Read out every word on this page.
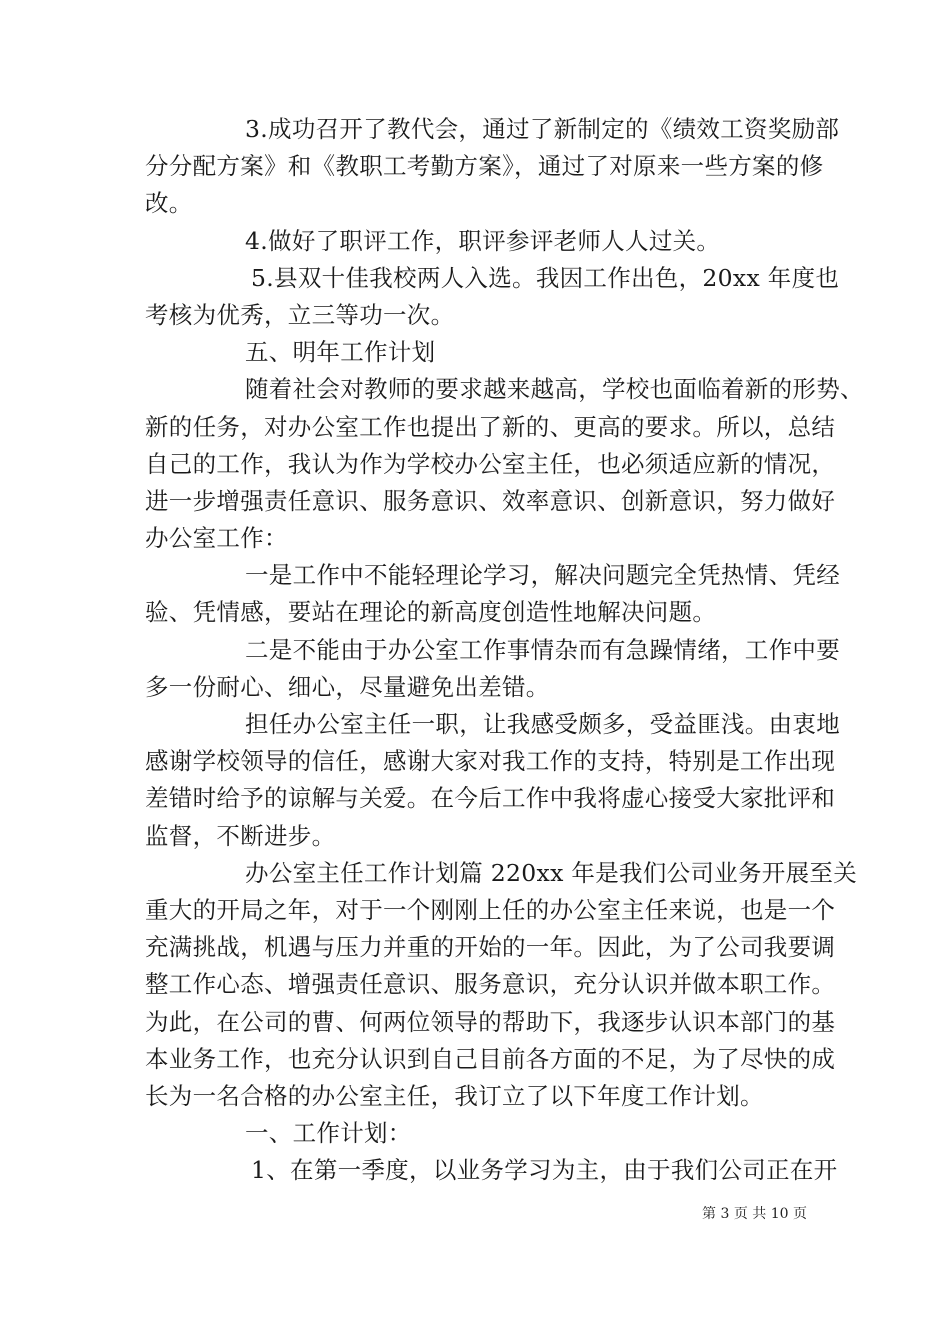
3.成功召开了教代会，通过了新制定的《绩效工资奖励部
分分配方案》和《教职工考勤方案》，通过了对原来一些方案的修
改。
4.做好了职评工作，职评参评老师人人过关。
5.县双十佳我校两人入选。我因工作出色，20xx 年度也
考核为优秀，立三等功一次。
五、明年工作计划
随着社会对教师的要求越来越高，学校也面临着新的形势、
新的任务，对办公室工作也提出了新的、更高的要求。所以，总结
自己的工作，我认为作为学校办公室主任，也必须适应新的情况，
进一步增强责任意识、服务意识、效率意识、创新意识，努力做好
办公室工作：
一是工作中不能轻理论学习，解决问题完全凭热情、凭经
验、凭情感，要站在理论的新高度创造性地解决问题。
二是不能由于办公室工作事情杂而有急躁情绪，工作中要
多一份耐心、细心，尽量避免出差错。
担任办公室主任一职，让我感受颇多，受益匪浅。由衷地
感谢学校领导的信任，感谢大家对我工作的支持，特别是工作出现
差错时给予的谅解与关爱。在今后工作中我将虚心接受大家批评和
监督，不断进步。
办公室主任工作计划篇 220xx 年是我们公司业务开展至关
重大的开局之年，对于一个刚刚上任的办公室主任来说，也是一个
充满挑战，机遇与压力并重的开始的一年。因此，为了公司我要调
整工作心态、增强责任意识、服务意识，充分认识并做本职工作。
为此，在公司的曹、何两位领导的帮助下，我逐步认识本部门的基
本业务工作，也充分认识到自己目前各方面的不足，为了尽快的成
长为一名合格的办公室主任，我订立了以下年度工作计划。
一、工作计划：
1、在第一季度，以业务学习为主，由于我们公司正在开
第 3 页 共 10 页
